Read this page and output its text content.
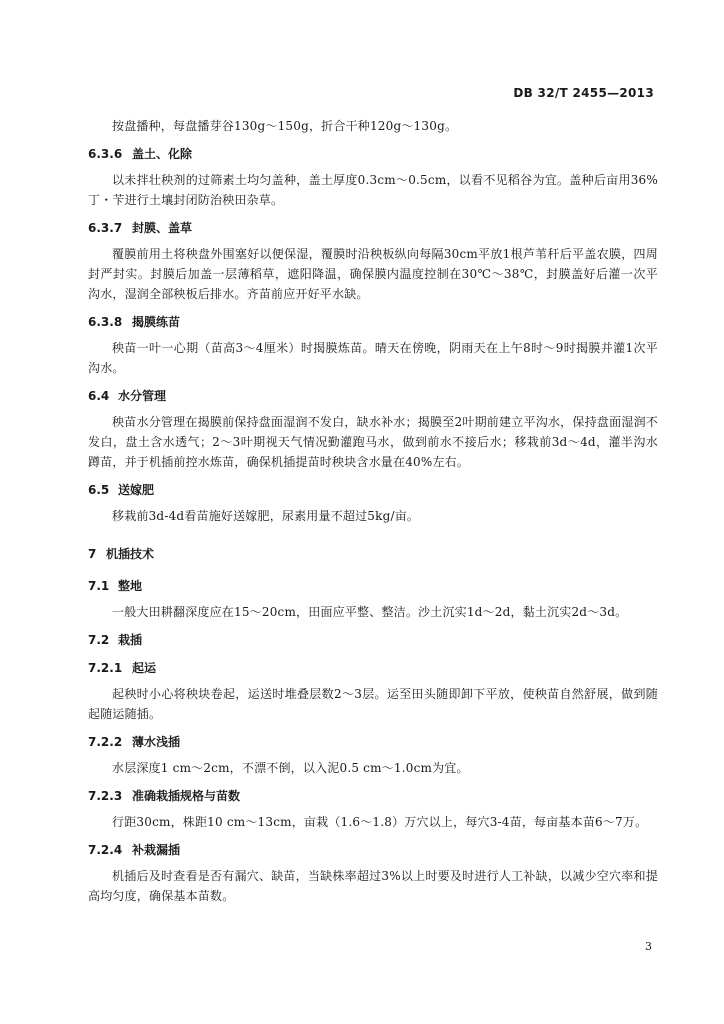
DB 32/T 2455—2013

按盘播种，每盘播芽谷130g～150g，折合干种120g～130g。

6.3.6 盖土、化除

以未拌壮秧剂的过筛素土均匀盖种，盖土厚度0.3cm～0.5cm，以看不见稻谷为宜。盖种后亩用36%丁・苄进行土壤封闭防治秧田杂草。

6.3.7 封膜、盖草

覆膜前用土将秧盘外围塞好以便保湿，覆膜时沿秧板纵向每隔30cm平放1根芦苇秆后平盖农膜，四周封严封实。封膜后加盖一层薄稻草，遮阳降温，确保膜内温度控制在30℃～38℃，封膜盖好后灌一次平沟水，湿润全部秧板后排水。齐苗前应开好平水缺。

6.3.8 揭膜练苗

秧苗一叶一心期（苗高3～4厘米）时揭膜炼苗。晴天在傍晚，阴雨天在上午8时～9时揭膜并灌1次平沟水。

6.4 水分管理

秧苗水分管理在揭膜前保持盘面湿润不发白，缺水补水；揭膜至2叶期前建立平沟水，保持盘面湿润不发白，盘土含水透气；2～3叶期视天气情况勤灌跑马水，做到前水不接后水；移栽前3d～4d，灌半沟水蹲苗，并于机插前控水炼苗，确保机插提苗时秧块含水量在40%左右。

6.5 送嫁肥

移栽前3d-4d看苗施好送嫁肥，尿素用量不超过5kg/亩。

7 机插技术
7.1 整地

一般大田耕翻深度应在15～20cm，田面应平整、整洁。沙土沉实1d～2d，黏土沉实2d～3d。

7.2 栽插
7.2.1 起运

起秧时小心将秧块卷起，运送时堆叠层数2～3层。运至田头随即卸下平放，使秧苗自然舒展，做到随起随运随插。

7.2.2 薄水浅插

水层深度1 cm～2cm，不漂不倒，以入泥0.5 cm～1.0cm为宜。

7.2.3 准确栽插规格与苗数

行距30cm，株距10 cm～13cm，亩栽（1.6～1.8）万穴以上，每穴3-4苗，每亩基本苗6～7万。

7.2.4 补栽漏插

机插后及时查看是否有漏穴、缺苗，当缺株率超过3%以上时要及时进行人工补缺，以减少空穴率和提高均匀度，确保基本苗数。

3
